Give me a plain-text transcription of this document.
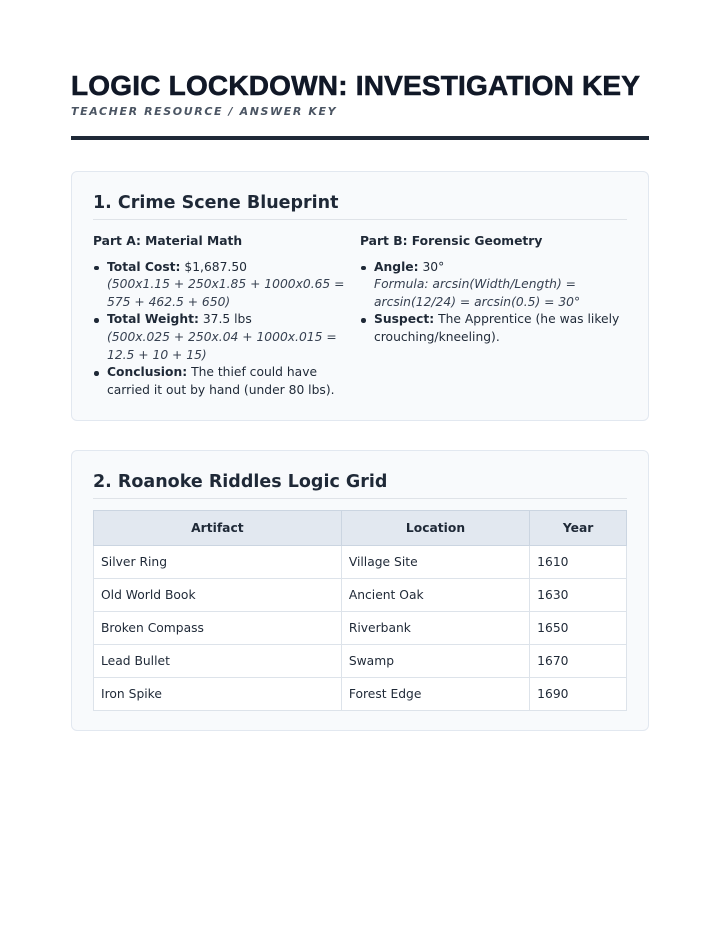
LOGIC LOCKDOWN: INVESTIGATION KEY
TEACHER RESOURCE / ANSWER KEY
1. Crime Scene Blueprint
Part A: Material Math
Total Cost: $1,687.50
(500x1.15 + 250x1.85 + 1000x0.65 = 575 + 462.5 + 650)
Total Weight: 37.5 lbs
(500x.025 + 250x.04 + 1000x.015 = 12.5 + 10 + 15)
Conclusion: The thief could have carried it out by hand (under 80 lbs).
Part B: Forensic Geometry
Angle: 30°
Formula: arcsin(Width/Length) = arcsin(12/24) = arcsin(0.5) = 30°
Suspect: The Apprentice (he was likely crouching/kneeling).
2. Roanoke Riddles Logic Grid
Artifact	Location	Year
Silver Ring	Village Site	1610
Old World Book	Ancient Oak	1630
Broken Compass	Riverbank	1650
Lead Bullet	Swamp	1670
Iron Spike	Forest Edge	1690
